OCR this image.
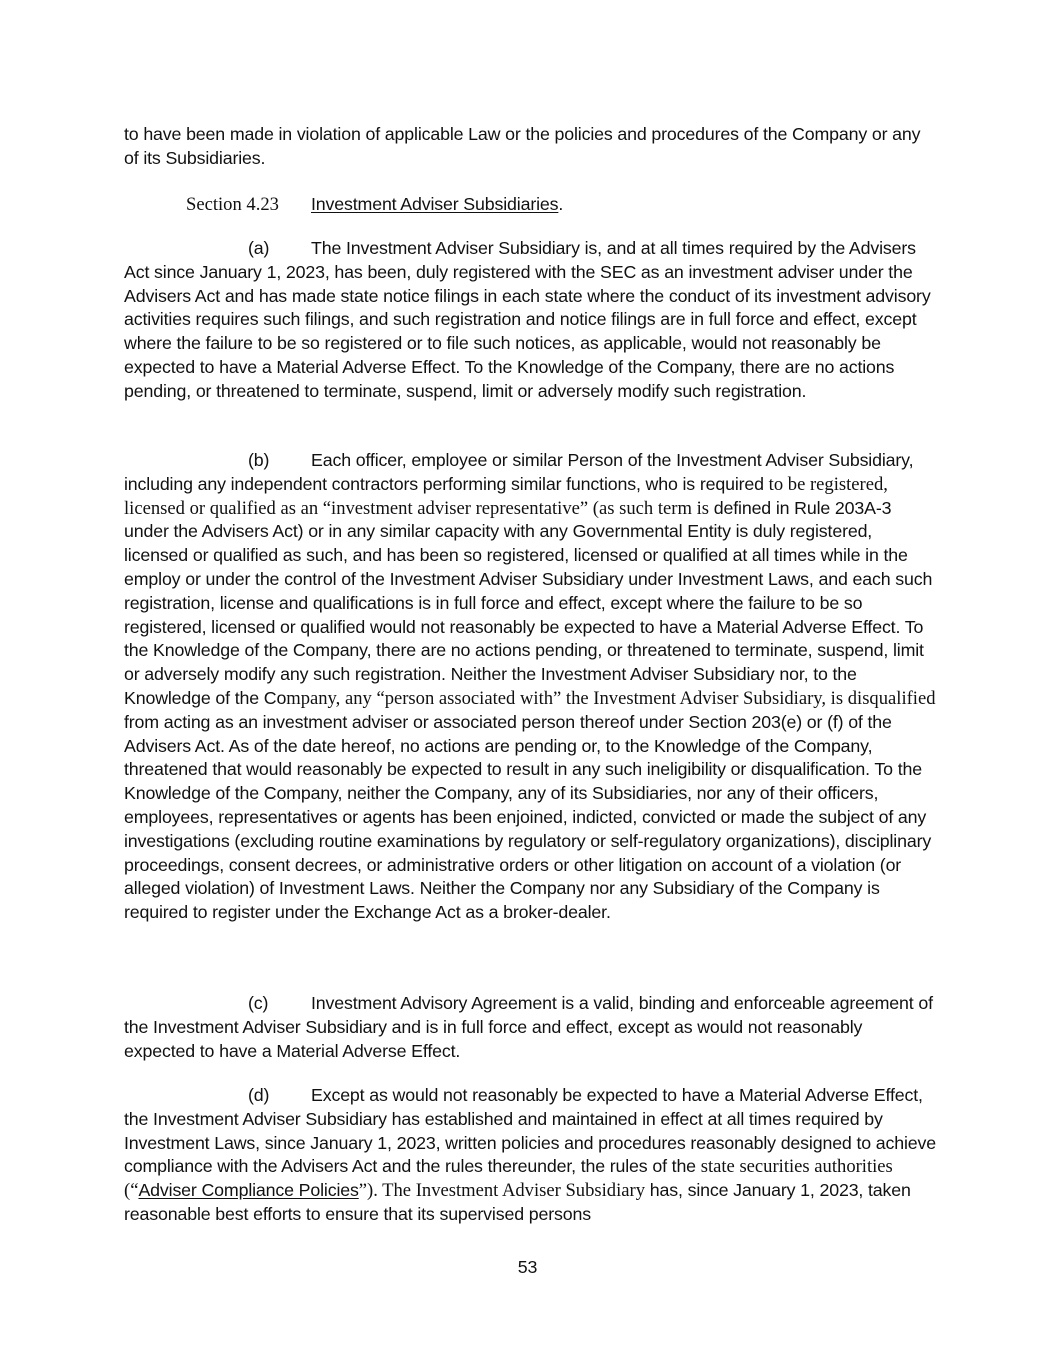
to have been made in violation of applicable Law or the policies and procedures of the Company or any of its Subsidiaries.

Section 4.23 Investment Adviser Subsidiaries.

(a) The Investment Adviser Subsidiary is, and at all times required by the Advisers Act since January 1, 2023, has been, duly registered with the SEC as an investment adviser under the Advisers Act and has made state notice filings in each state where the conduct of its investment advisory activities requires such filings, and such registration and notice filings are in full force and effect, except where the failure to be so registered or to file such notices, as applicable, would not reasonably be expected to have a Material Adverse Effect. To the Knowledge of the Company, there are no actions pending, or threatened to terminate, suspend, limit or adversely modify such registration.

(b) Each officer, employee or similar Person of the Investment Adviser Subsidiary, including any independent contractors performing similar functions, who is required to be registered, licensed or qualified as an “investment adviser representative” (as such term is defined in Rule 203A-3 under the Advisers Act) or in any similar capacity with any Governmental Entity is duly registered, licensed or qualified as such, and has been so registered, licensed or qualified at all times while in the employ or under the control of the Investment Adviser Subsidiary under Investment Laws, and each such registration, license and qualifications is in full force and effect, except where the failure to be so registered, licensed or qualified would not reasonably be expected to have a Material Adverse Effect. To the Knowledge of the Company, there are no actions pending, or threatened to terminate, suspend, limit or adversely modify any such registration. Neither the Investment Adviser Subsidiary nor, to the Knowledge of the Company, any “person associated with” the Investment Adviser Subsidiary, is disqualified from acting as an investment adviser or associated person thereof under Section 203(e) or (f) of the Advisers Act. As of the date hereof, no actions are pending or, to the Knowledge of the Company, threatened that would reasonably be expected to result in any such ineligibility or disqualification. To the Knowledge of the Company, neither the Company, any of its Subsidiaries, nor any of their officers, employees, representatives or agents has been enjoined, indicted, convicted or made the subject of any investigations (excluding routine examinations by regulatory or self-regulatory organizations), disciplinary proceedings, consent decrees, or administrative orders or other litigation on account of a violation (or alleged violation) of Investment Laws. Neither the Company nor any Subsidiary of the Company is required to register under the Exchange Act as a broker-dealer.

(c) Investment Advisory Agreement is a valid, binding and enforceable agreement of the Investment Adviser Subsidiary and is in full force and effect, except as would not reasonably expected to have a Material Adverse Effect.

(d) Except as would not reasonably be expected to have a Material Adverse Effect, the Investment Adviser Subsidiary has established and maintained in effect at all times required by Investment Laws, since January 1, 2023, written policies and procedures reasonably designed to achieve compliance with the Advisers Act and the rules thereunder, the rules of the state securities authorities (“Adviser Compliance Policies”). The Investment Adviser Subsidiary has, since January 1, 2023, taken reasonable best efforts to ensure that its supervised persons

53
